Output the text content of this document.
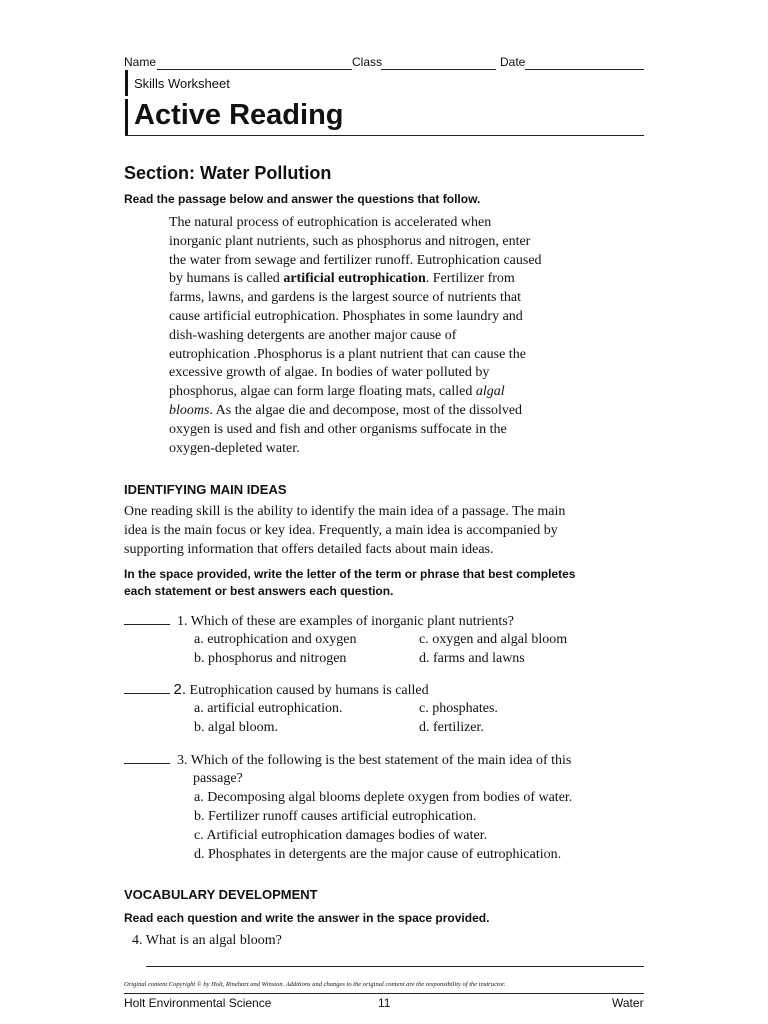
Name	Class	Date
Skills Worksheet
Active Reading
Section: Water Pollution
Read the passage below and answer the questions that follow.
The natural process of eutrophication is accelerated when
inorganic plant nutrients, such as phosphorus and nitrogen, enter
the water from sewage and fertilizer runoff. Eutrophication caused
by humans is called artificial eutrophication. Fertilizer from
farms, lawns, and gardens is the largest source of nutrients that
cause artificial eutrophication. Phosphates in some laundry and
dish-washing detergents are another major cause of
eutrophication .Phosphorus is a plant nutrient that can cause the
excessive growth of algae. In bodies of water polluted by
phosphorus, algae can form large floating mats, called algal
blooms. As the algae die and decompose, most of the dissolved
oxygen is used and fish and other organisms suffocate in the
oxygen-depleted water.
IDENTIFYING MAIN IDEAS
One reading skill is the ability to identify the main idea of a passage. The main
idea is the main focus or key idea. Frequently, a main idea is accompanied by
supporting information that offers detailed facts about main ideas.
In the space provided, write the letter of the term or phrase that best completes
each statement or best answers each question.
1. Which of these are examples of inorganic plant nutrients?
a. eutrophication and oxygen	c. oxygen and algal bloom
b. phosphorus and nitrogen	d. farms and lawns
2. Eutrophication caused by humans is called
a. artificial eutrophication.	c. phosphates.
b. algal bloom.	d. fertilizer.
3. Which of the following is the best statement of the main idea of this
passage?
a. Decomposing algal blooms deplete oxygen from bodies of water.
b. Fertilizer runoff causes artificial eutrophication.
c. Artificial eutrophication damages bodies of water.
d. Phosphates in detergents are the major cause of eutrophication.
VOCABULARY DEVELOPMENT
Read each question and write the answer in the space provided.
4. What is an algal bloom?
Original content Copyright © by Holt, Rinehart and Winston. Additions and changes to the original content are the responsibility of the instructor.
Holt Environmental Science	11	Water
